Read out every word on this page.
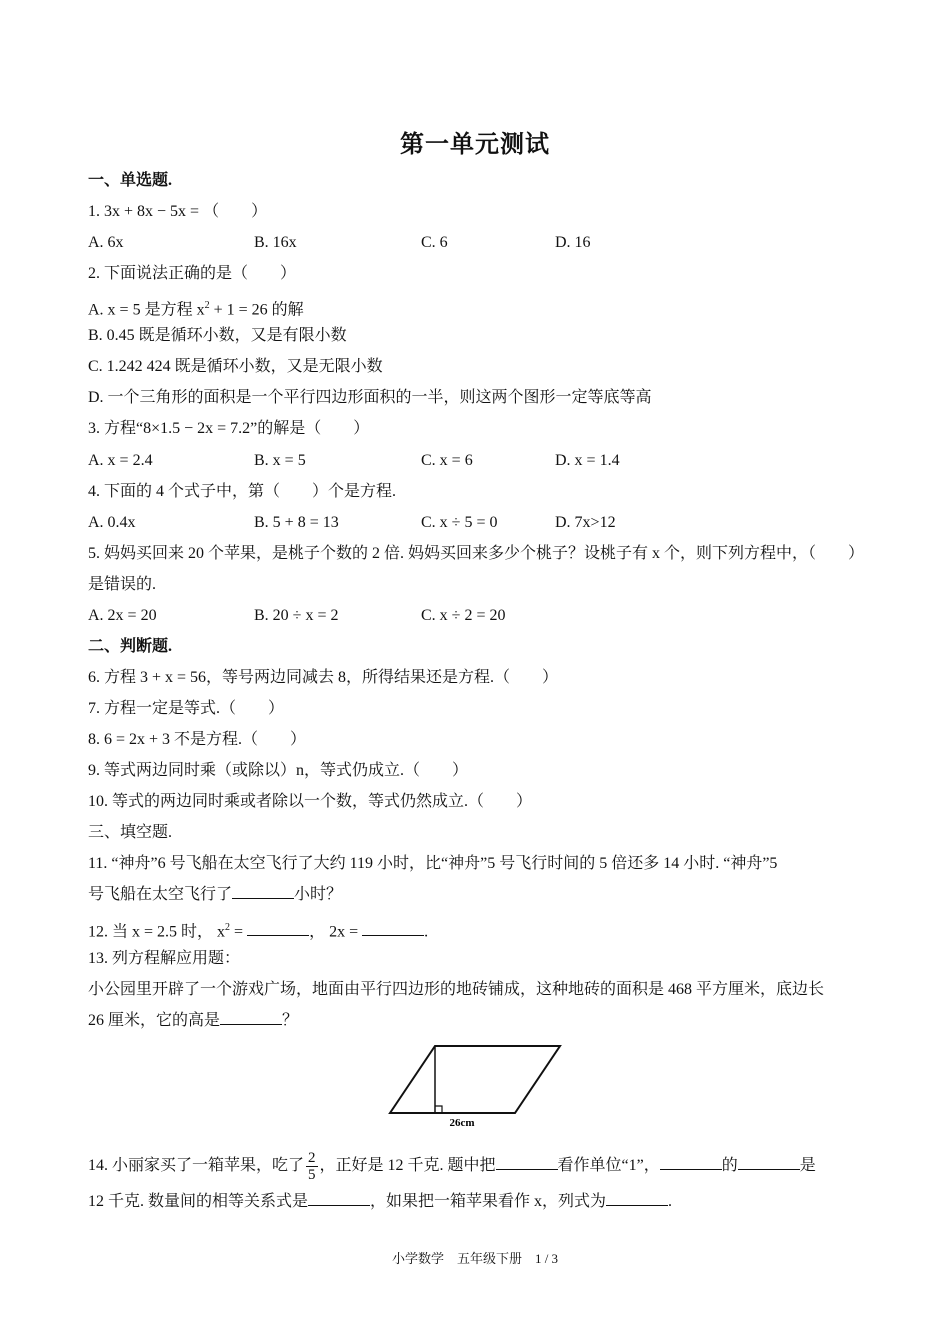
第一单元测试
一、单选题.
1. 3x + 8x − 5x = （　　）
A. 6x	B. 16x	C. 6	D. 16
2. 下面说法正确的是（　　）
A. x = 5 是方程 $x^2 + 1 = 26$ 的解
B. 0.45 既是循环小数，又是有限小数
C. 1.242 424 既是循环小数，又是无限小数
D. 一个三角形的面积是一个平行四边形面积的一半，则这两个图形一定等底等高
3. 方程“8×1.5 − 2x = 7.2”的解是（　　）
A. x = 2.4	B. x = 5	C. x = 6	D. x = 1.4
4. 下面的 4 个式子中，第（　　）个是方程.
A. 0.4x	B. 5 + 8 = 13	C. x ÷ 5 = 0	D. 7x>12
5. 妈妈买回来 20 个苹果，是桃子个数的 2 倍. 妈妈买回来多少个桃子？设桃子有 x 个，则下列方程中，（　　）
是错误的.
A. 2x = 20	B. 20 ÷ x = 2	C. x ÷ 2 = 20
二、判断题.
6. 方程 3 + x = 56，等号两边同减去 8，所得结果还是方程.（　　）
7. 方程一定是等式.（　　）
8. 6 = 2x + 3 不是方程.（　　）
9. 等式两边同时乘（或除以）n，等式仍成立.（　　）
10. 等式的两边同时乘或者除以一个数，等式仍然成立.（　　）
三、填空题.
11. “神舟”6 号飞船在太空飞行了大约 119 小时，比“神舟”5 号飞行时间的 5 倍还多 14 小时. “神舟”5
号飞船在太空飞行了	小时？
12. 当 x = 2.5 时， $x^2$ =	， 2x =	.
13. 列方程解应用题：
小公园里开辟了一个游戏广场，地面由平行四边形的地砖铺成，这种地砖的面积是 468 平方厘米，底边长
26 厘米，它的高是	？
26cm
14. 小丽家买了一箱苹果，吃了 $\frac{2}{5}$ ，正好是 12 千克. 题中把	看作单位“1”，	的	是
12 千克. 数量间的相等关系式是	，如果把一箱苹果看作 x，列式为	.
小学数学　五年级下册　1 / 3
